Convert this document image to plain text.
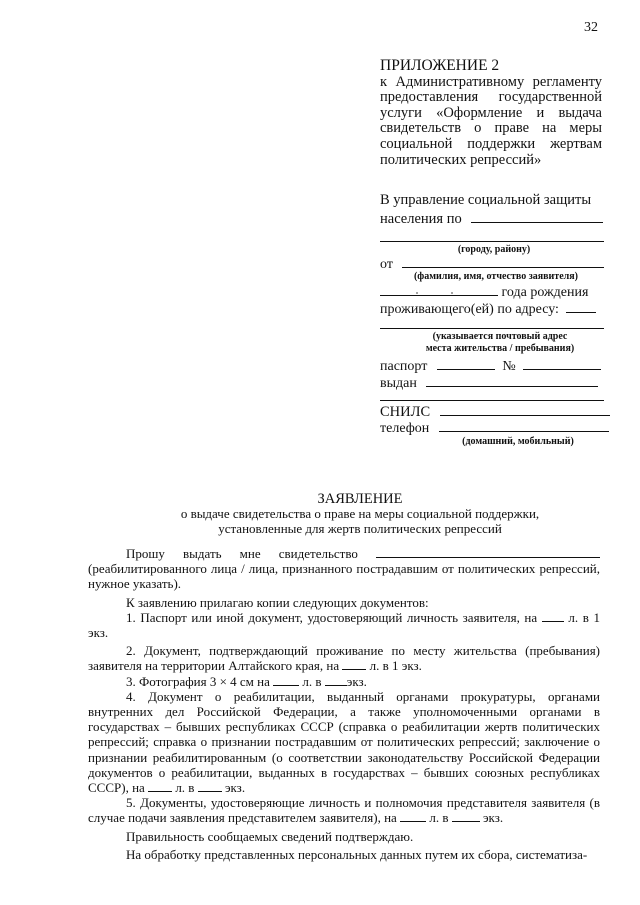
32
ПРИЛОЖЕНИЕ 2
к Административному регламенту предоставления государственной услуги «Оформление и выдача свидетельств о праве на меры социальной поддержки жертвам политических репрессий»
В управление социальной защиты
населения по
(городу, району)
от
(фамилия, имя, отчество заявителя)
года рождения
проживающего(ей) по адресу:
(указывается почтовый адрес
места жительства / пребывания)
паспорт	№
выдан
СНИЛС
телефон
(домашний, мобильный)
ЗАЯВЛЕНИЕ
о выдаче свидетельства о праве на меры социальной поддержки,
установленные для жертв политических репрессий

Прошу выдать мне свидетельство  (реабилитированного лица / лица, признанного пострадавшим от политических репрессий, нужное указать).

К заявлению прилагаю копии следующих документов:

1. Паспорт или иной документ, удостоверяющий личность заявителя, на л. в 1 экз.

2. Документ, подтверждающий проживание по месту жительства (пребывания) заявителя на территории Алтайского края, на л. в 1 экз.

3. Фотография 3 × 4 см на	л. в экз.

4. Документ о реабилитации, выданный органами прокуратуры, органами внутренних дел Российской Федерации, а также уполномоченными органами в государствах – бывших республиках СССР (справка о реабилитации жертв политических репрессий; справка о признании пострадавшим от политических репрессий; заключение о признании реабилитированным (о соответствии законодательству Российской Федерации документов о реабилитации, выданных в государствах – бывших союзных республиках СССР), на л. в экз.

5. Документы, удостоверяющие личность и полномочия представителя заявителя (в случае подачи заявления представителем заявителя), на	л. в	экз.

Правильность сообщаемых сведений подтверждаю.

На обработку представленных персональных данных путем их сбора, систематиза-
